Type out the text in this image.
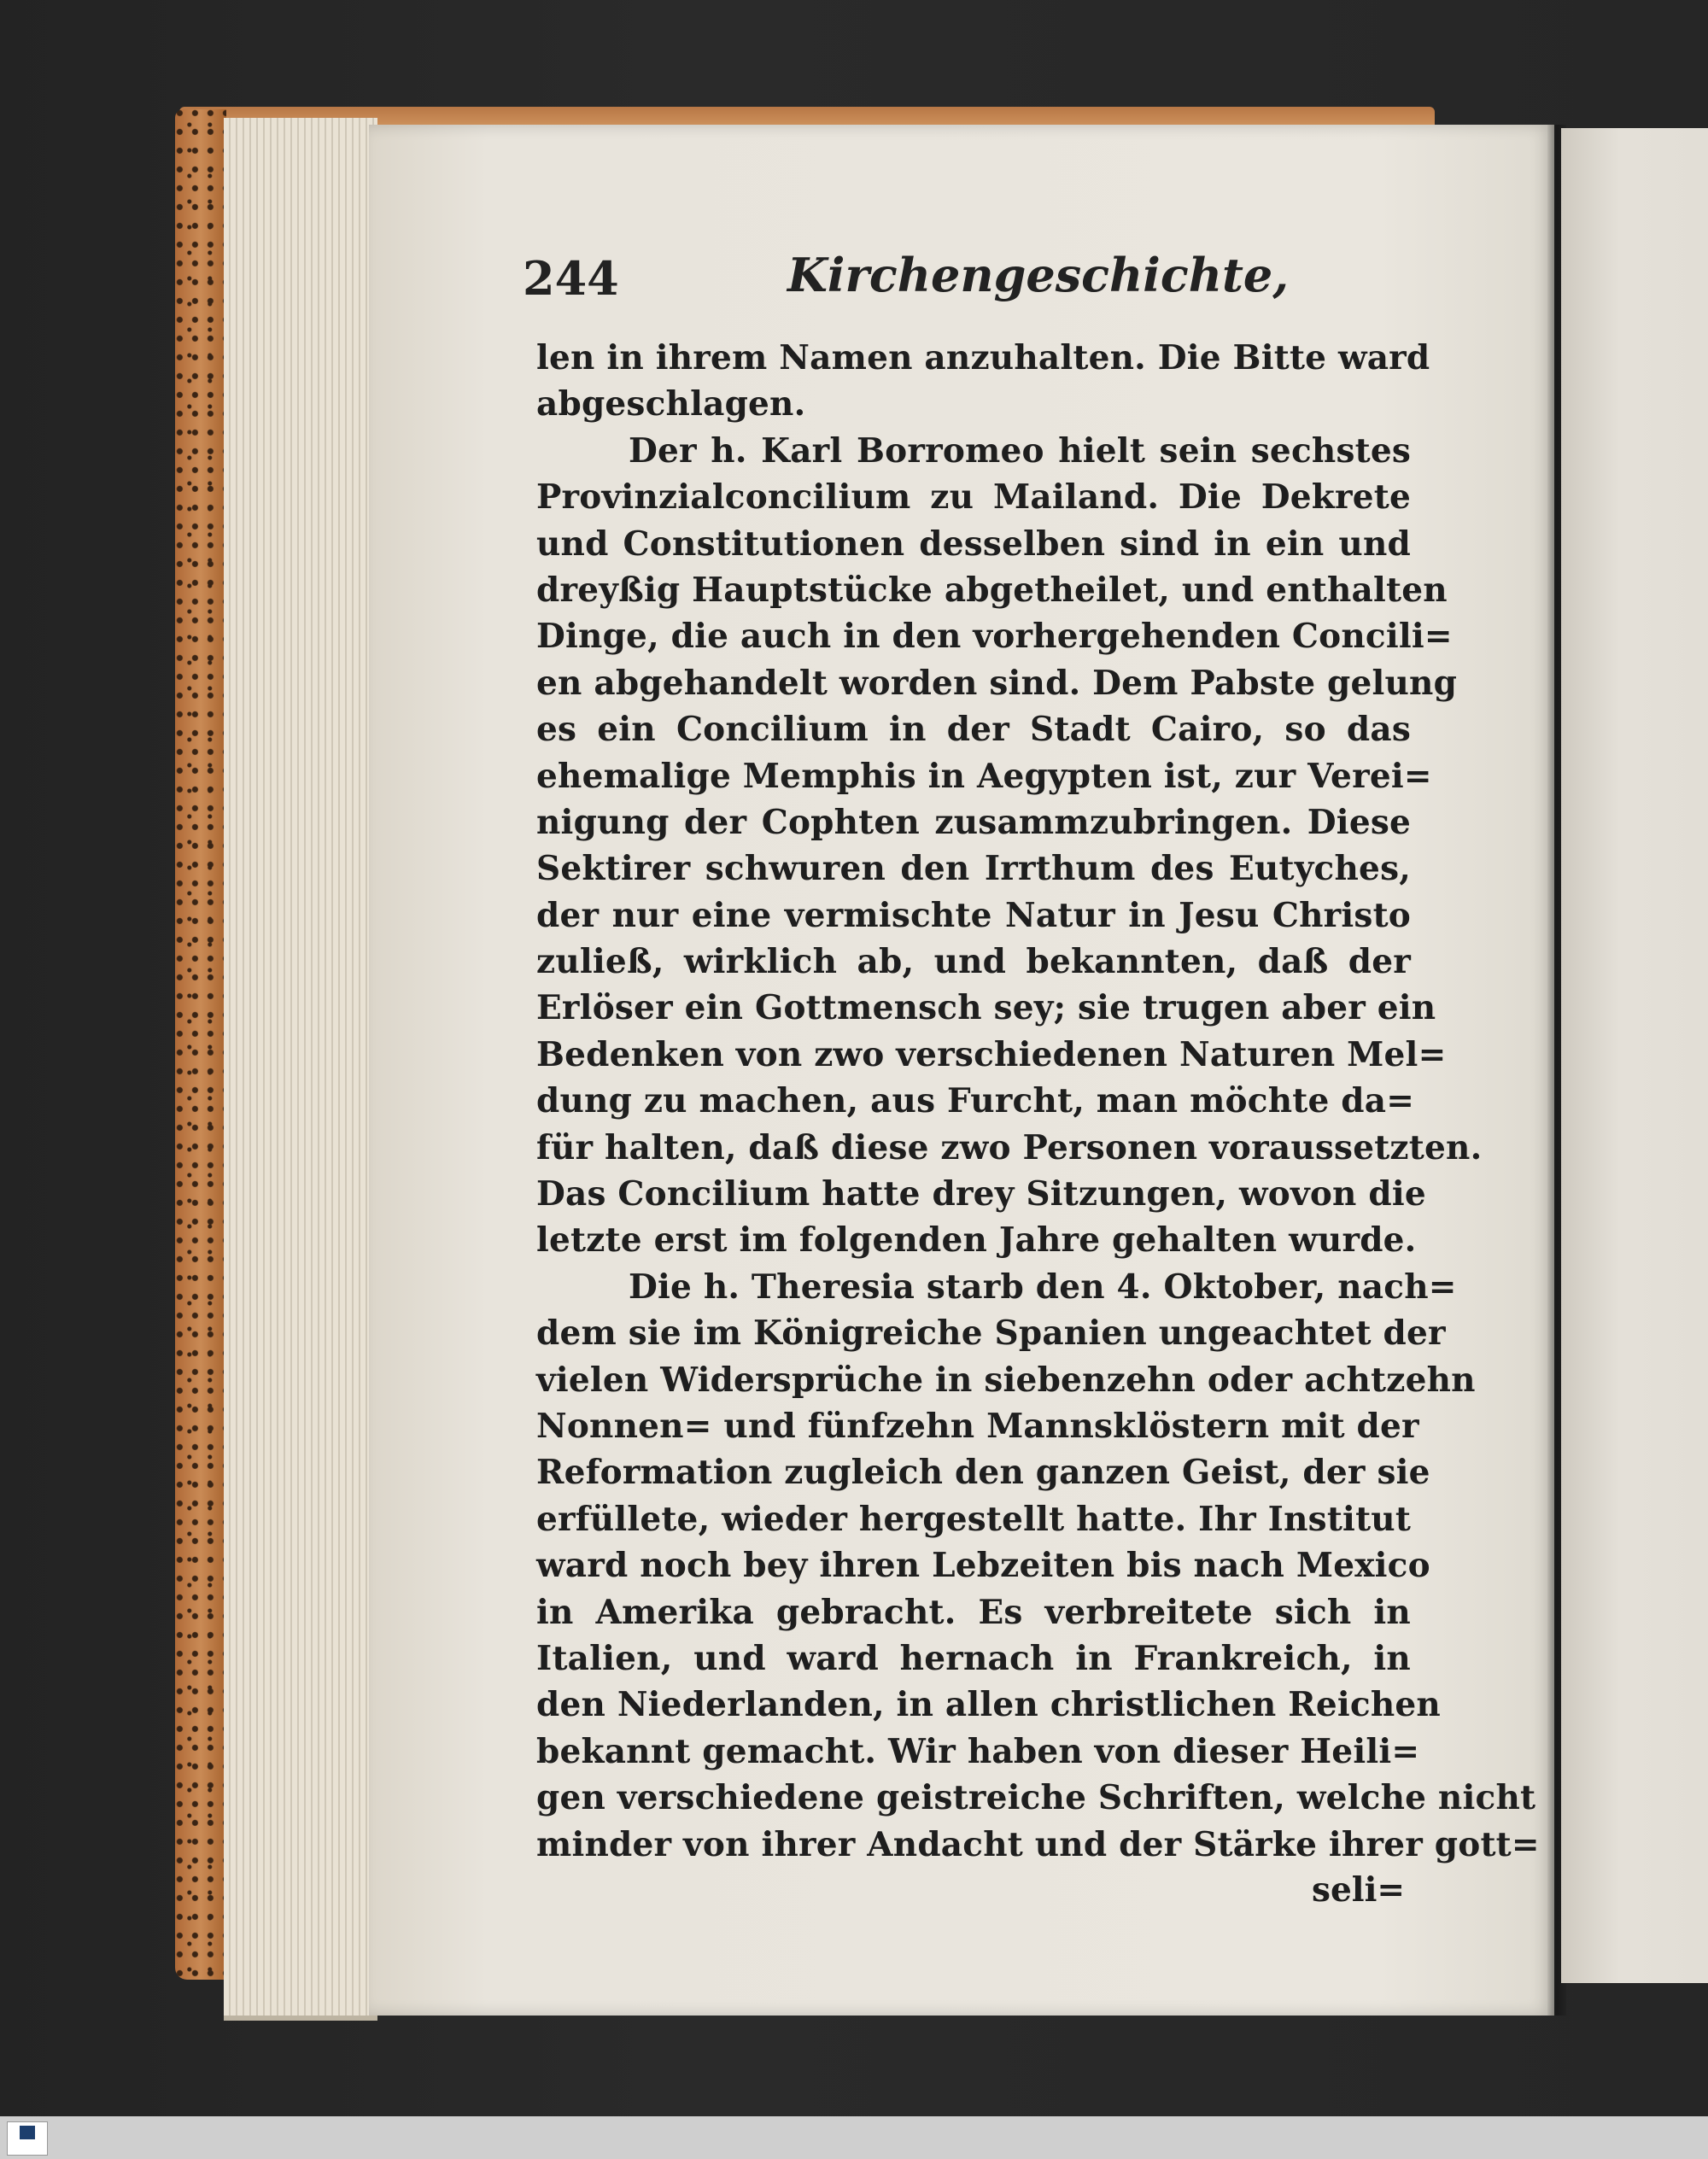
244	Kirchengeschichte,
len in ihrem Namen anzuhalten. Die Bitte ward
abgeschlagen.
Der h. Karl Borromeo hielt sein sechstes
Provinzialconcilium zu Mailand. Die Dekrete
und Constitutionen desselben sind in ein und
dreyßig Hauptstücke abgetheilet, und enthalten
Dinge, die auch in den vorhergehenden Concili=
en abgehandelt worden sind. Dem Pabste gelung
es ein Concilium in der Stadt Cairo, so das
ehemalige Memphis in Aegypten ist, zur Verei=
nigung der Cophten zusammzubringen. Diese
Sektirer schwuren den Irrthum des Eutyches,
der nur eine vermischte Natur in Jesu Christo
zuließ, wirklich ab, und bekannten, daß der
Erlöser ein Gottmensch sey; sie trugen aber ein
Bedenken von zwo verschiedenen Naturen Mel=
dung zu machen, aus Furcht, man möchte da=
für halten, daß diese zwo Personen voraussetzten.
Das Concilium hatte drey Sitzungen, wovon die
letzte erst im folgenden Jahre gehalten wurde.
Die h. Theresia starb den 4. Oktober, nach=
dem sie im Königreiche Spanien ungeachtet der
vielen Widersprüche in siebenzehn oder achtzehn
Nonnen= und fünfzehn Mannsklöstern mit der
Reformation zugleich den ganzen Geist, der sie
erfüllete, wieder hergestellt hatte. Ihr Institut
ward noch bey ihren Lebzeiten bis nach Mexico
in Amerika gebracht. Es verbreitete sich in
Italien, und ward hernach in Frankreich, in
den Niederlanden, in allen christlichen Reichen
bekannt gemacht. Wir haben von dieser Heili=
gen verschiedene geistreiche Schriften, welche nicht
minder von ihrer Andacht und der Stärke ihrer gott=
seli=
